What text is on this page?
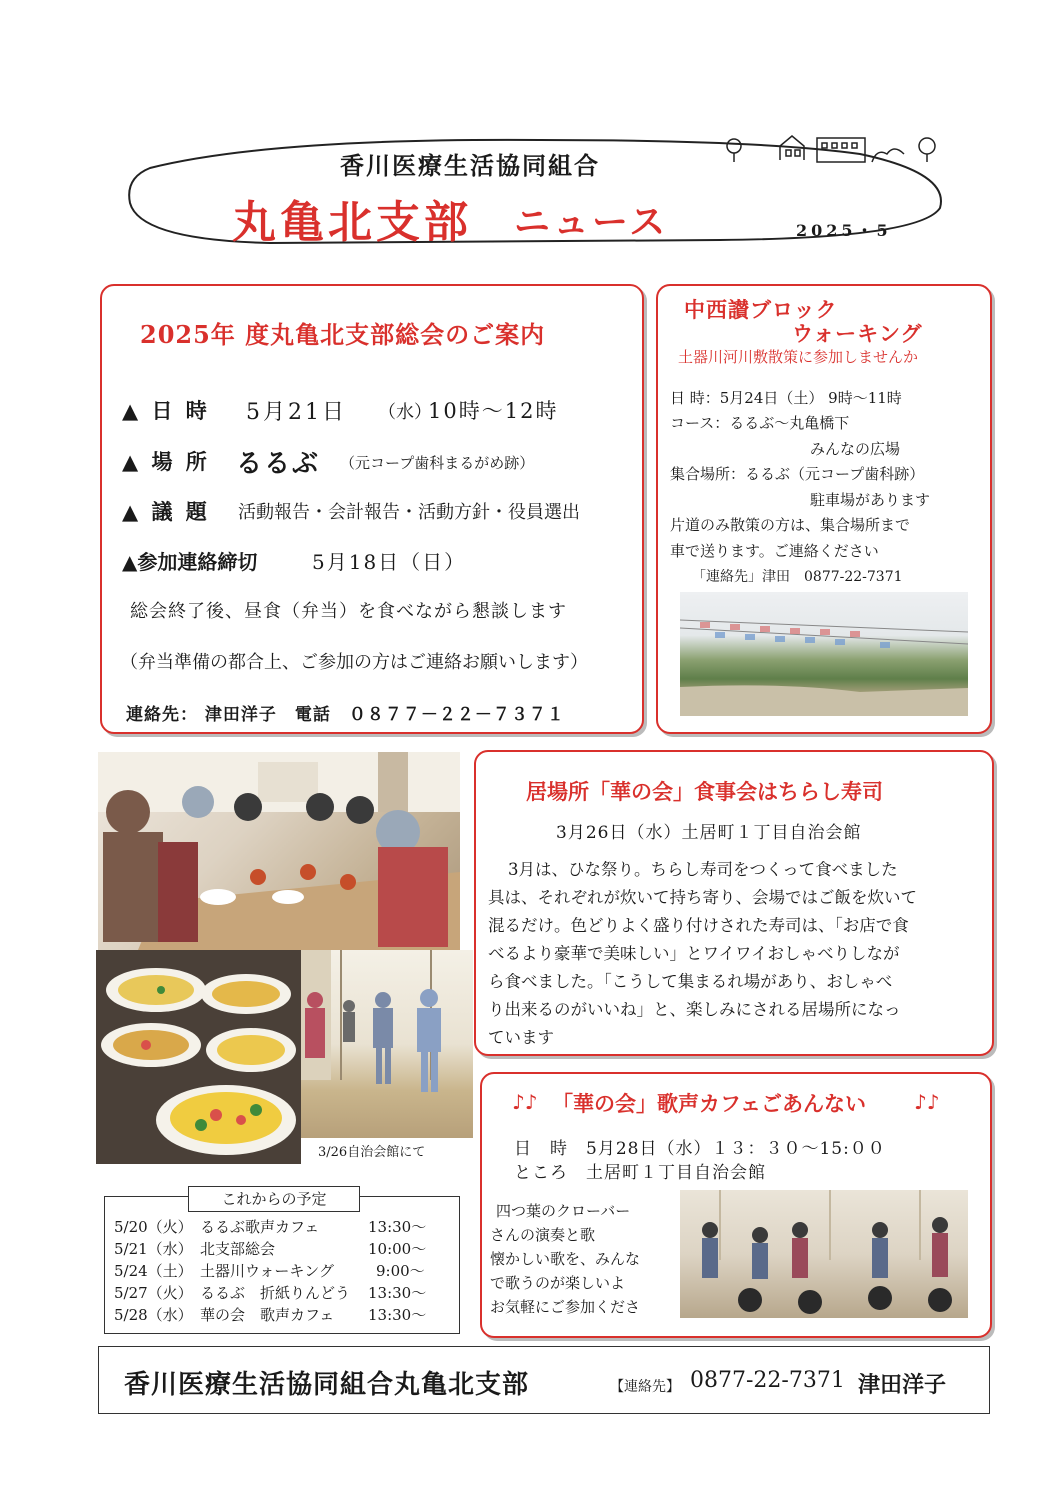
香川医療生活協同組合
丸亀北支部 ニュース	2025・5
2025年 度丸亀北支部総会のご案内
▲ 日 時 5月21日 （水）
10時～12時
▲ 場 所 るるぶ （元コープ歯科まるがめ跡）
▲ 議 題 活動報告・会計報告・活動方針・役員選出
▲参加連絡締切	5月18日（日）
総会終了後、昼食（弁当）を食べながら懇談します
（弁当準備の都合上、ご参加の方はご連絡お願いします）
連絡先： 津田洋子　電話　０８７７－２２－７３７１
中西讃ブロック
ウォーキング
土器川河川敷散策に参加しませんか
日 時：5月24日（土） 9時～11時
コース：るるぶ～丸亀橋下
みんなの広場
集合場所：るるぶ（元コープ歯科跡）
駐車場があります
片道のみ散策の方は、集合場所まで
車で送ります。ご連絡ください
「連絡先」津田　0877-22-7371
3/26自治会館にて
これからの予定
5/20（火） るるぶ歌声カフェ	13:30～
5/21（水） 北支部総会	10:00～
5/24（土） 土器川ウォーキング	9:00～
5/27（火） るるぶ　折紙りんどう	13:30～
5/28（水） 華の会　歌声カフェ	13:30～
居場所「華の会」食事会はちらし寿司
3月26日（水）土居町１丁目自治会館
3月は、ひな祭り。ちらし寿司をつくって食べました
具は、それぞれが炊いて持ち寄り、会場ではご飯を炊いて
混るだけ。色どりよく盛り付けされた寿司は、「お店で食
べるより豪華で美味しい」とワイワイおしゃべりしなが
ら食べました。「こうして集まるれ場があり、おしゃべ
り出来るのがいいね」と、楽しみにされる居場所になっ
ています
♪♪ 「華の会」歌声カフェごあんない ♪♪
日　時　5月28日（水）１３：３０～15:００
ところ　土居町１丁目自治会館
四つ葉のクローバー
さんの演奏と歌
懐かしい歌を、みんな
で歌うのが楽しいよ
お気軽にご参加くださ
香川医療生活協同組合丸亀北支部	【連絡先】 0877-22-7371 津田洋子
